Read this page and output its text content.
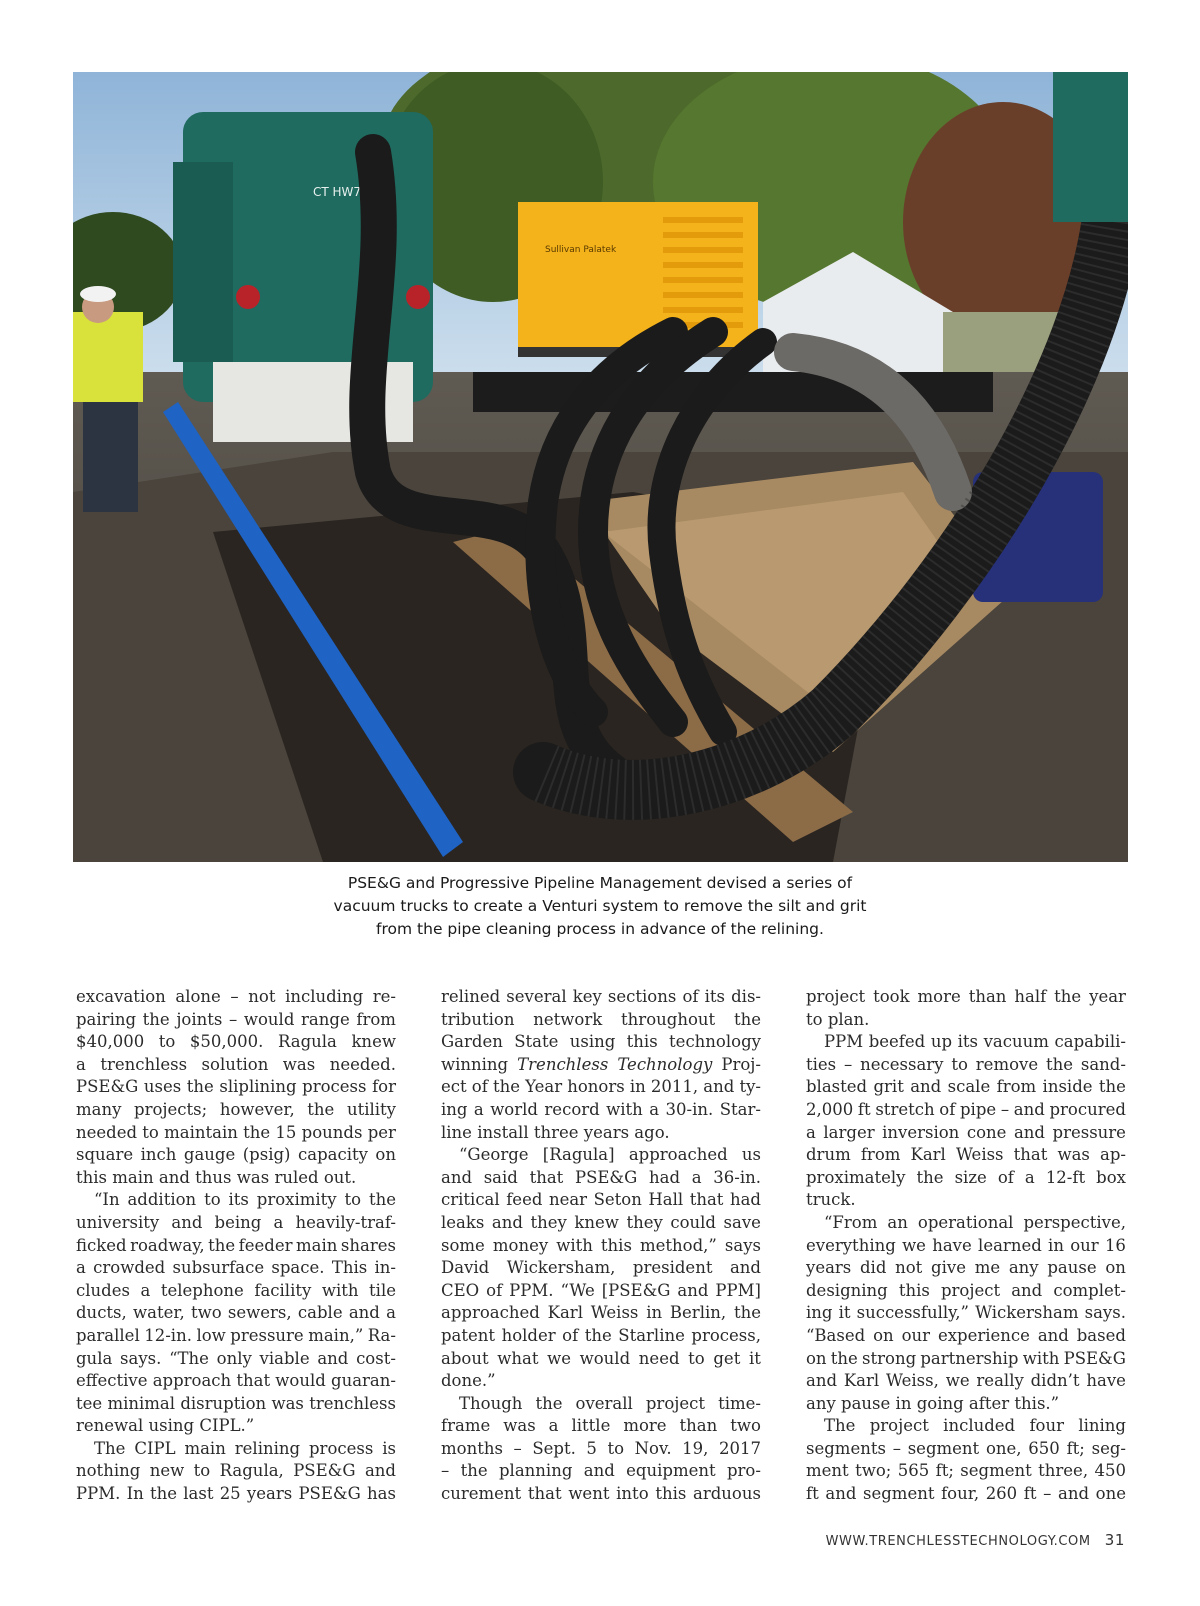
CT HW7
Sullivan Palatek
PSE&G and Progressive Pipeline Management devised a series of
vacuum trucks to create a Venturi system to remove the silt and grit
from the pipe cleaning process in advance of the relining.
excavation alone – not including re-
pairing the joints – would range from
$40,000 to $50,000. Ragula knew
a trenchless solution was needed.
PSE&G uses the sliplining process for
many projects; however, the utility
needed to maintain the 15 pounds per
square inch gauge (psig) capacity on
this main and thus was ruled out.
“In addition to its proximity to the
university and being a heavily-traf-
ficked roadway, the feeder main shares
a crowded subsurface space. This in-
cludes a telephone facility with tile
ducts, water, two sewers, cable and a
parallel 12-in. low pressure main,” Ra-
gula says. “The only viable and cost-
effective approach that would guaran-
tee minimal disruption was trenchless
renewal using CIPL.”
The CIPL main relining process is
nothing new to Ragula, PSE&G and
PPM. In the last 25 years PSE&G has
relined several key sections of its dis-
tribution network throughout the
Garden State using this technology
winning Trenchless Technology Proj-
ect of the Year honors in 2011, and ty-
ing a world record with a 30-in. Star-
line install three years ago.
“George [Ragula] approached us
and said that PSE&G had a 36-in.
critical feed near Seton Hall that had
leaks and they knew they could save
some money with this method,” says
David Wickersham, president and
CEO of PPM. “We [PSE&G and PPM]
approached Karl Weiss in Berlin, the
patent holder of the Starline process,
about what we would need to get it
done.”
Though the overall project time-
frame was a little more than two
months – Sept. 5 to Nov. 19, 2017
– the planning and equipment pro-
curement that went into this arduous
project took more than half the year
to plan.
PPM beefed up its vacuum capabili-
ties – necessary to remove the sand-
blasted grit and scale from inside the
2,000 ft stretch of pipe – and procured
a larger inversion cone and pressure
drum from Karl Weiss that was ap-
proximately the size of a 12-ft box
truck.
“From an operational perspective,
everything we have learned in our 16
years did not give me any pause on
designing this project and complet-
ing it successfully,” Wickersham says.
“Based on our experience and based
on the strong partnership with PSE&G
and Karl Weiss, we really didn’t have
any pause in going after this.”
The project included four lining
segments – segment one, 650 ft; seg-
ment two; 565 ft; segment three, 450
ft and segment four, 260 ft – and one
WWW.TRENCHLESSTECHNOLOGY.COM 31
